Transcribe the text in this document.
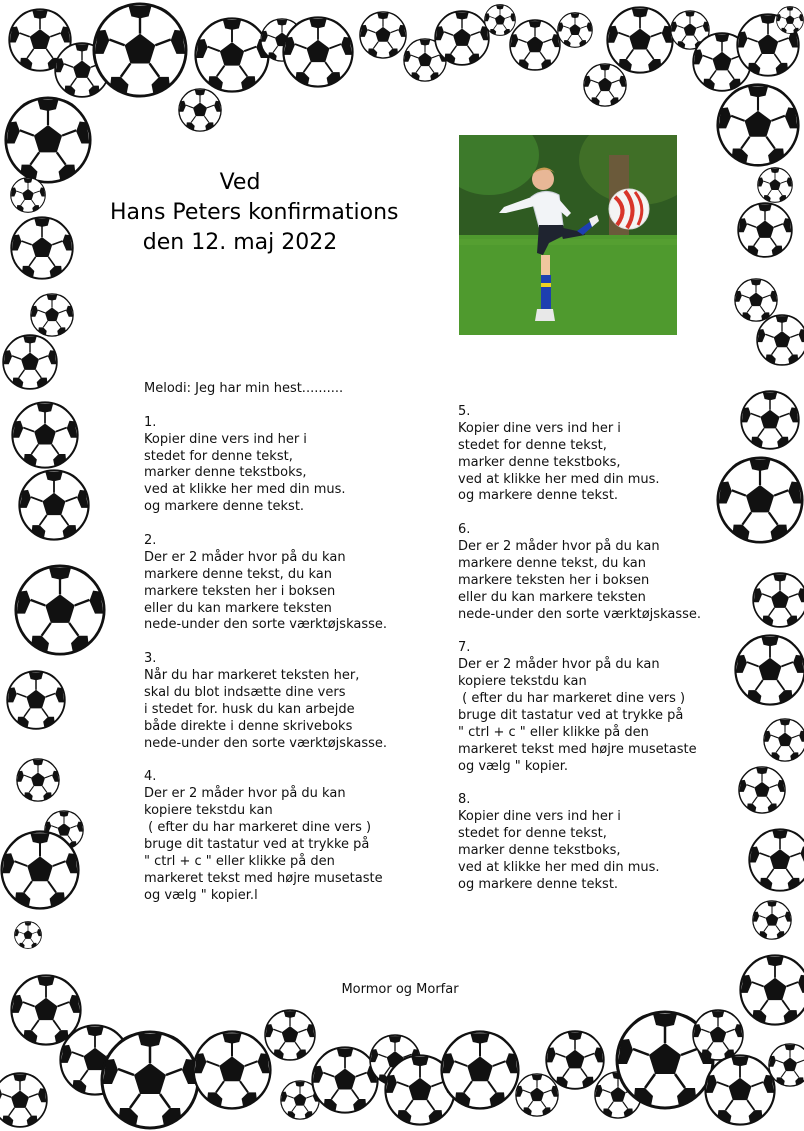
Ved
Hans Peters konfirmations
den 12. maj 2022
Melodi: Jeg har min hest..........
1.
Kopier dine vers ind her i
stedet for denne tekst,
marker denne tekstboks,
ved at klikke her med din mus.
og markere denne tekst.
2.
Der er 2 måder hvor på du kan
markere denne tekst, du kan
markere teksten her i boksen
eller du kan markere teksten
nede-under den sorte værktøjskasse.
3.
Når du har markeret teksten her,
skal du blot indsætte dine vers
i stedet for. husk du kan arbejde
både direkte i denne skriveboks
nede-under den sorte værktøjskasse.
4.
Der er 2 måder hvor på du kan
kopiere tekstdu kan
( efter du har markeret dine vers )
bruge dit tastatur ved at trykke på
" ctrl + c " eller klikke på den
markeret tekst med højre musetaste
og vælg " kopier.l
5.
Kopier dine vers ind her i
stedet for denne tekst,
marker denne tekstboks,
ved at klikke her med din mus.
og markere denne tekst.
6.
Der er 2 måder hvor på du kan
markere denne tekst, du kan
markere teksten her i boksen
eller du kan markere teksten
nede-under den sorte værktøjskasse.
7.
Der er 2 måder hvor på du kan
kopiere tekstdu kan
( efter du har markeret dine vers )
bruge dit tastatur ved at trykke på
" ctrl + c " eller klikke på den
markeret tekst med højre musetaste
og vælg " kopier.
8.
Kopier dine vers ind her i
stedet for denne tekst,
marker denne tekstboks,
ved at klikke her med din mus.
og markere denne tekst.
Mormor og Morfar
